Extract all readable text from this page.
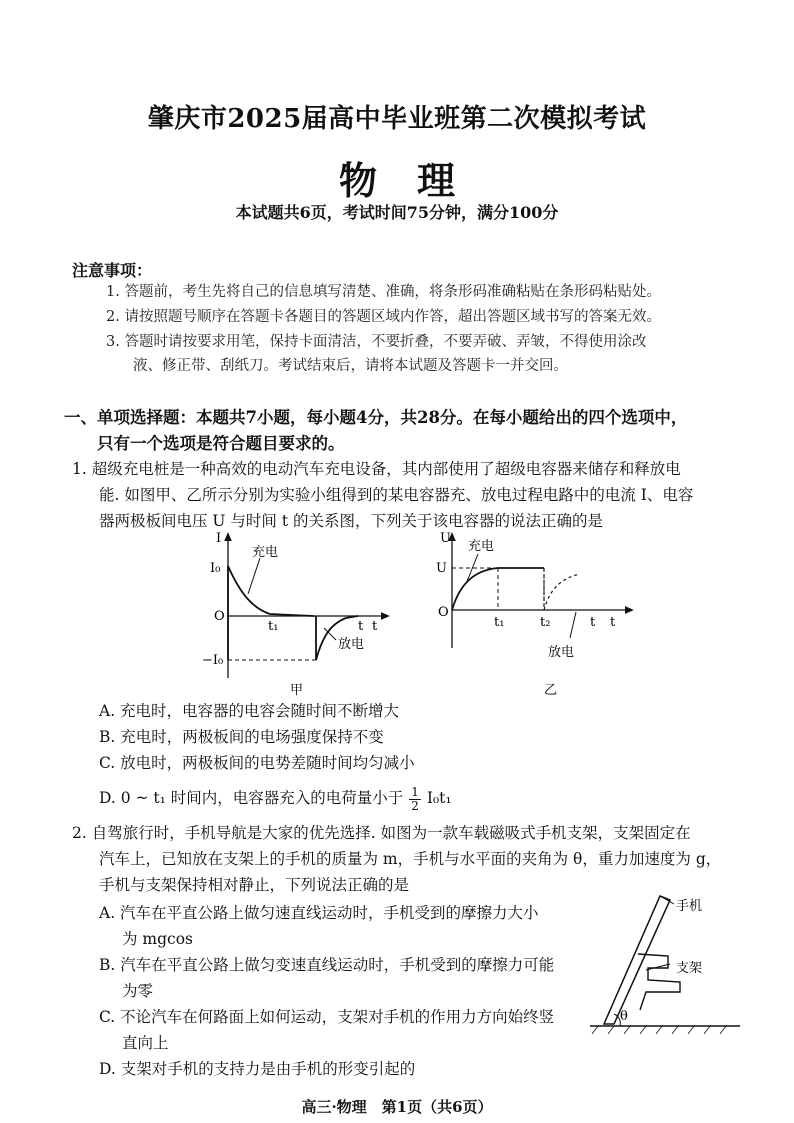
肇庆市2025届高中毕业班第二次模拟考试
物理
本试题共6页，考试时间75分钟，满分100分
注意事项：
1. 答题前，考生先将自己的信息填写清楚、准确，将条形码准确粘贴在条形码粘贴处。
2. 请按照题号顺序在答题卡各题目的答题区域内作答，超出答题区域书写的答案无效。
3. 答题时请按要求用笔，保持卡面清洁，不要折叠，不要弄破、弄皱，不得使用涂改
液、修正带、刮纸刀。考试结束后，请将本试题及答题卡一并交回。
一、单项选择题：本题共7小题，每小题4分，共28分。在每小题给出的四个选项中，
只有一个选项是符合题目要求的。
1. 超级充电桩是一种高效的电动汽车充电设备，其内部使用了超级电容器来储存和释放电
能. 如图甲、乙所示分别为实验小组得到的某电容器充、放电过程电路中的电流 I、电容
器两极板间电压 U 与时间 t 的关系图，下列关于该电容器的说法正确的是
I
I₀
O
−I₀
t₁	t t
充电
放电
甲
U
U
O
t₁	t₂	t t
充电
放电
乙
A. 充电时，电容器的电容会随时间不断增大
B. 充电时，两极板间的电场强度保持不变
C. 放电时，两极板间的电势差随时间均匀减小
D. 0 ~ t₁ 时间内，电容器充入的电荷量小于 $\frac{1}{2} I_0t_1$
2. 自驾旅行时，手机导航是大家的优先选择. 如图为一款车载磁吸式手机支架，支架固定在
汽车上，已知放在支架上的手机的质量为 m，手机与水平面的夹角为 θ，重力加速度为 g，
手机与支架保持相对静止，下列说法正确的是
A. 汽车在平直公路上做匀速直线运动时，手机受到的摩擦力大小
为 mgcos
B. 汽车在平直公路上做匀变速直线运动时，手机受到的摩擦力可能
为零
C. 不论汽车在何路面上如何运动，支架对手机的作用力方向始终竖
直向上
D. 支架对手机的支持力是由手机的形变引起的
手机
支架
θ
高三·物理　第1页（共6页）
